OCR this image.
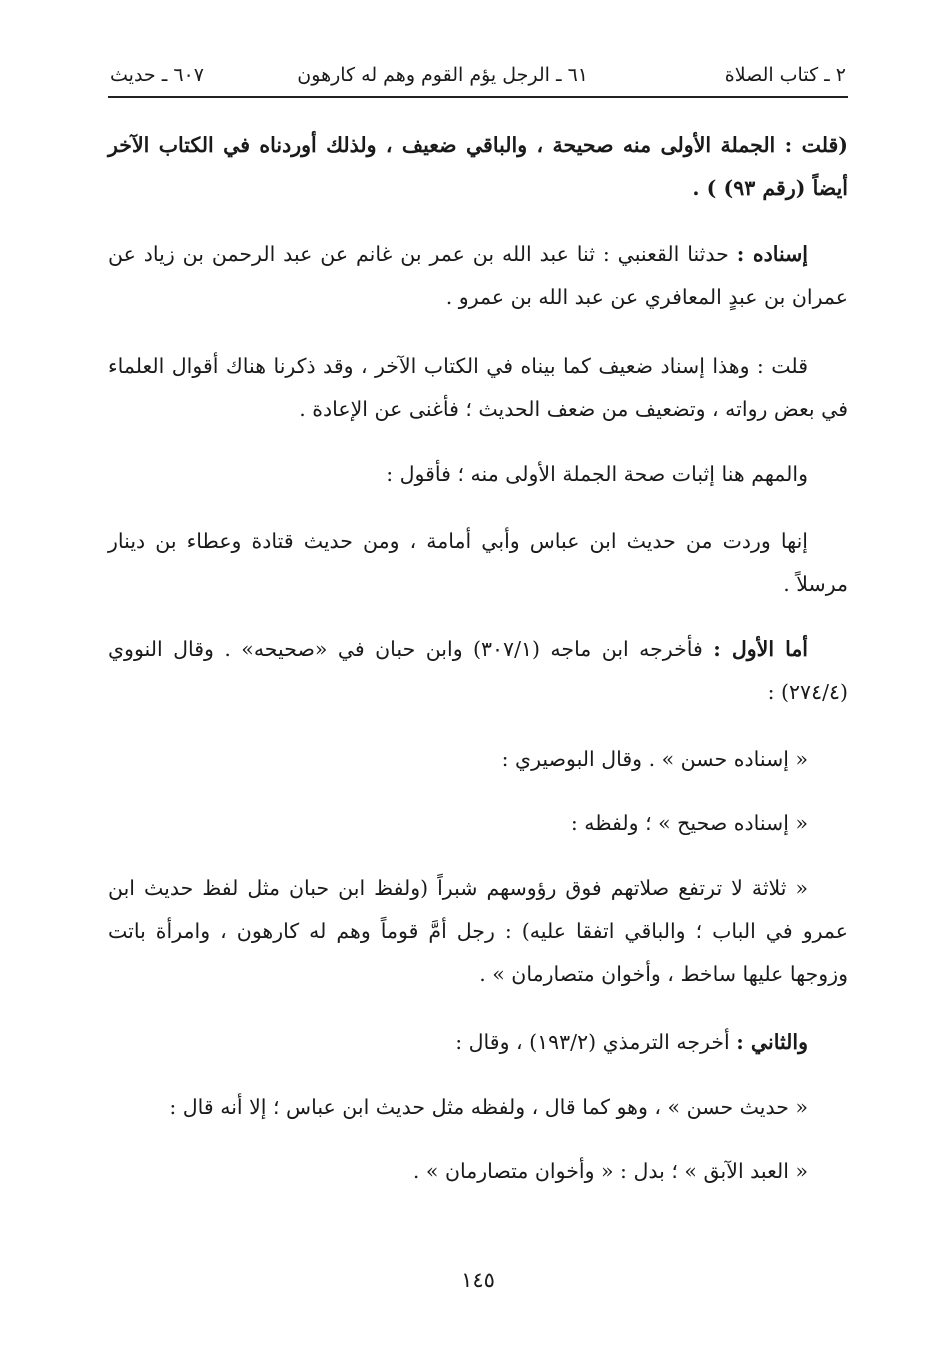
٢ ـ كتاب الصلاة
٦١ ـ الرجل يؤم القوم وهم له كارهون
٦٠٧ ـ حديث

(قلت : الجملة الأولى منه صحيحة ، والباقي ضعيف ، ولذلك أوردناه في الكتاب الآخر أيضاً (رقم ٩٣) ) .

إسناده : حدثنا القعنبي : ثنا عبد الله بن عمر بن غانم عن عبد الرحمن بن زياد عن عمران بن عبدٍ المعافري عن عبد الله بن عمرو .

قلت : وهذا إسناد ضعيف كما بيناه في الكتاب الآخر ، وقد ذكرنا هناك أقوال العلماء في بعض رواته ، وتضعيف من ضعف الحديث ؛ فأغنى عن الإعادة .

والمهم هنا إثبات صحة الجملة الأولى منه ؛ فأقول :

إنها وردت من حديث ابن عباس وأبي أمامة ، ومن حديث قتادة وعطاء بن دينار مرسلاً .

أما الأول : فأخرجه ابن ماجه (٣٠٧/١) وابن حبان في «صحيحه» . وقال النووي (٢٧٤/٤) :

« إسناده حسن » . وقال البوصيري :

« إسناده صحيح » ؛ ولفظه :

« ثلاثة لا ترتفع صلاتهم فوق رؤوسهم شبراً (ولفظ ابن حبان مثل لفظ حديث ابن عمرو في الباب ؛ والباقي اتفقا عليه) : رجل أمَّ قوماً وهم له كارهون ، وامرأة باتت وزوجها عليها ساخط ، وأخوان متصارمان » .

والثاني : أخرجه الترمذي (١٩٣/٢) ، وقال :

« حديث حسن » ، وهو كما قال ، ولفظه مثل حديث ابن عباس ؛ إلا أنه قال :

« العبد الآبق » ؛ بدل : « وأخوان متصارمان » .

١٤٥
